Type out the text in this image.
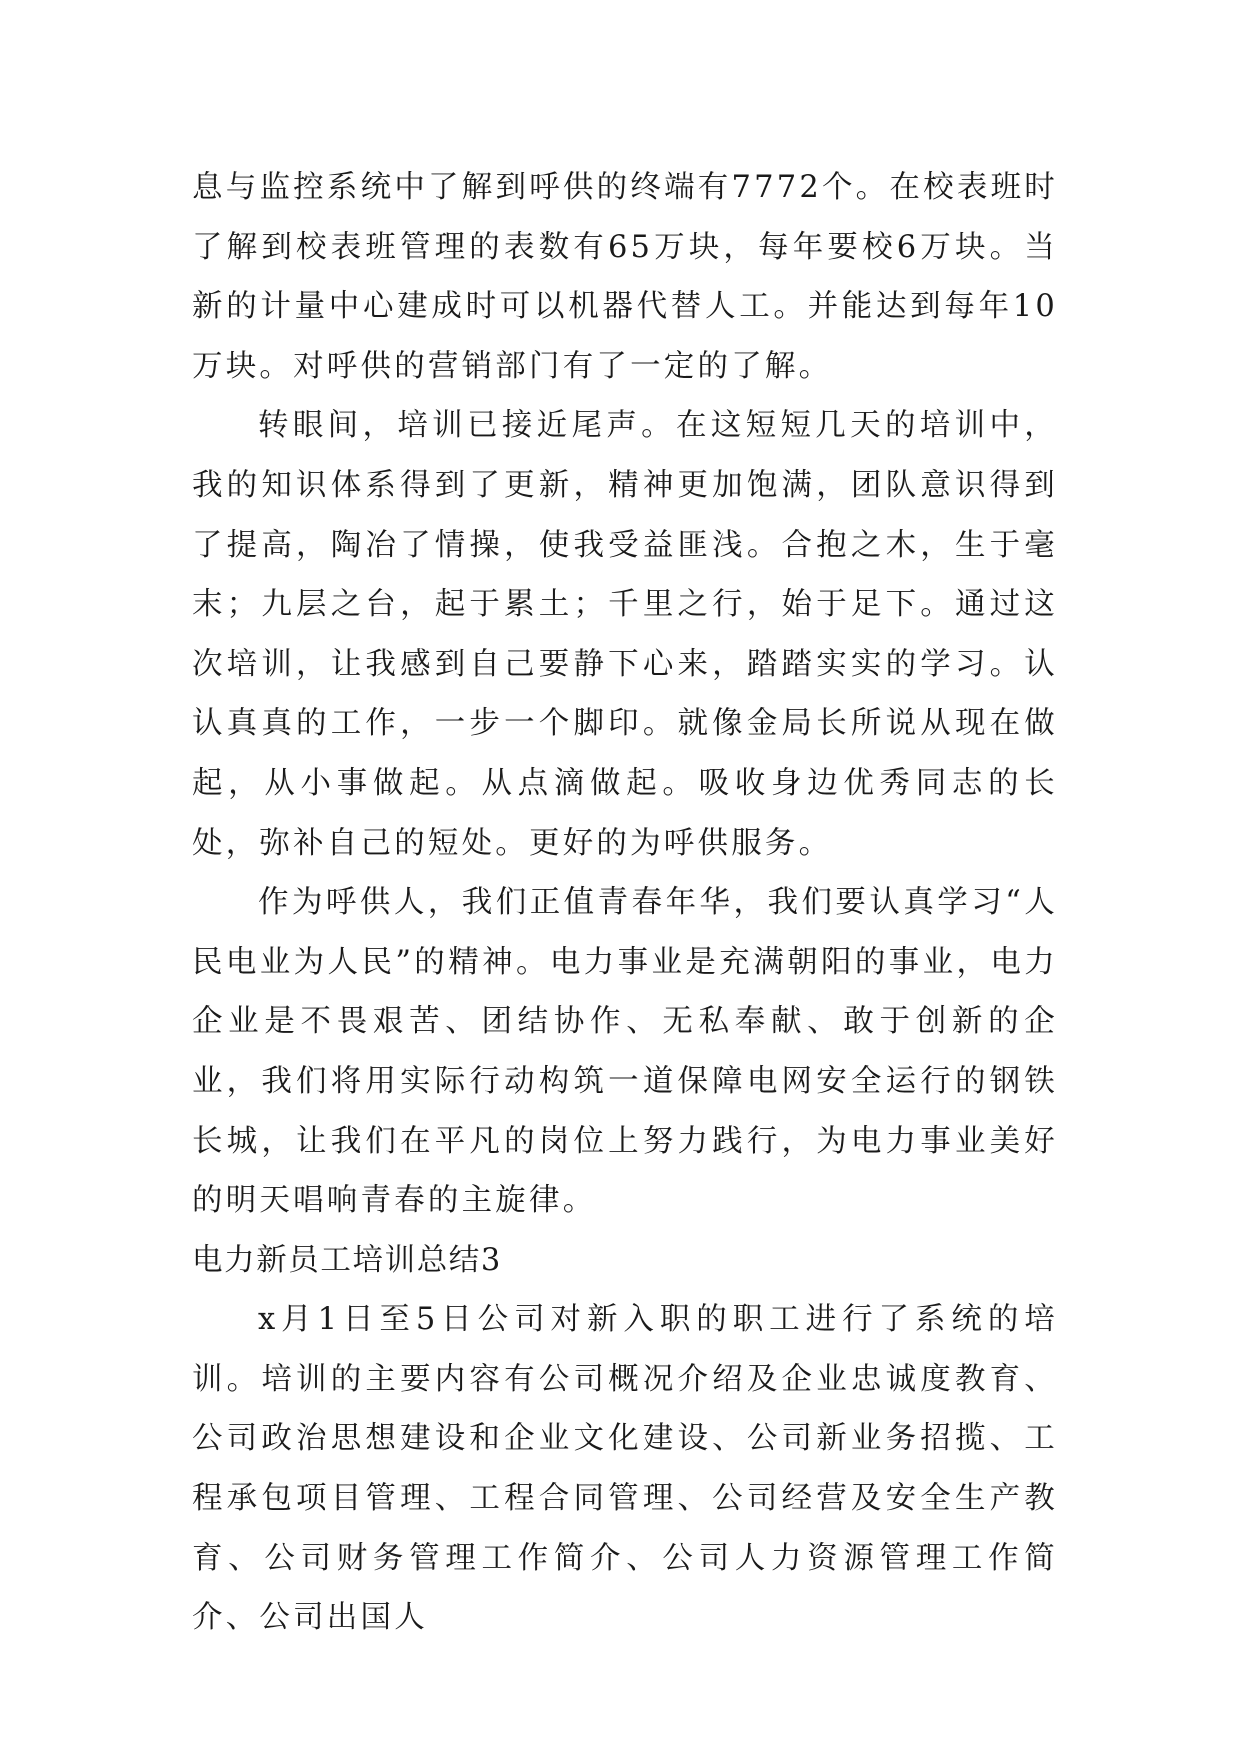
息与监控系统中了解到呼供的终端有7772个。在校表班时了解到校表班管理的表数有65万块，每年要校6万块。当新的计量中心建成时可以机器代替人工。并能达到每年10万块。对呼供的营销部门有了一定的了解。

转眼间，培训已接近尾声。在这短短几天的培训中，我的知识体系得到了更新，精神更加饱满，团队意识得到了提高，陶冶了情操，使我受益匪浅。合抱之木，生于毫末；九层之台，起于累土；千里之行，始于足下。通过这次培训，让我感到自己要静下心来，踏踏实实的学习。认认真真的工作，一步一个脚印。就像金局长所说从现在做起，从小事做起。从点滴做起。吸收身边优秀同志的长处，弥补自己的短处。更好的为呼供服务。

作为呼供人，我们正值青春年华，我们要认真学习“人民电业为人民”的精神。电力事业是充满朝阳的事业，电力企业是不畏艰苦、团结协作、无私奉献、敢于创新的企业，我们将用实际行动构筑一道保障电网安全运行的钢铁长城，让我们在平凡的岗位上努力践行，为电力事业美好的明天唱响青春的主旋律。

电力新员工培训总结3

x月1日至5日公司对新入职的职工进行了系统的培训。培训的主要内容有公司概况介绍及企业忠诚度教育、公司政治思想建设和企业文化建设、公司新业务招揽、工程承包项目管理、工程合同管理、公司经营及安全生产教育、公司财务管理工作简介、公司人力资源管理工作简介、公司出国人
